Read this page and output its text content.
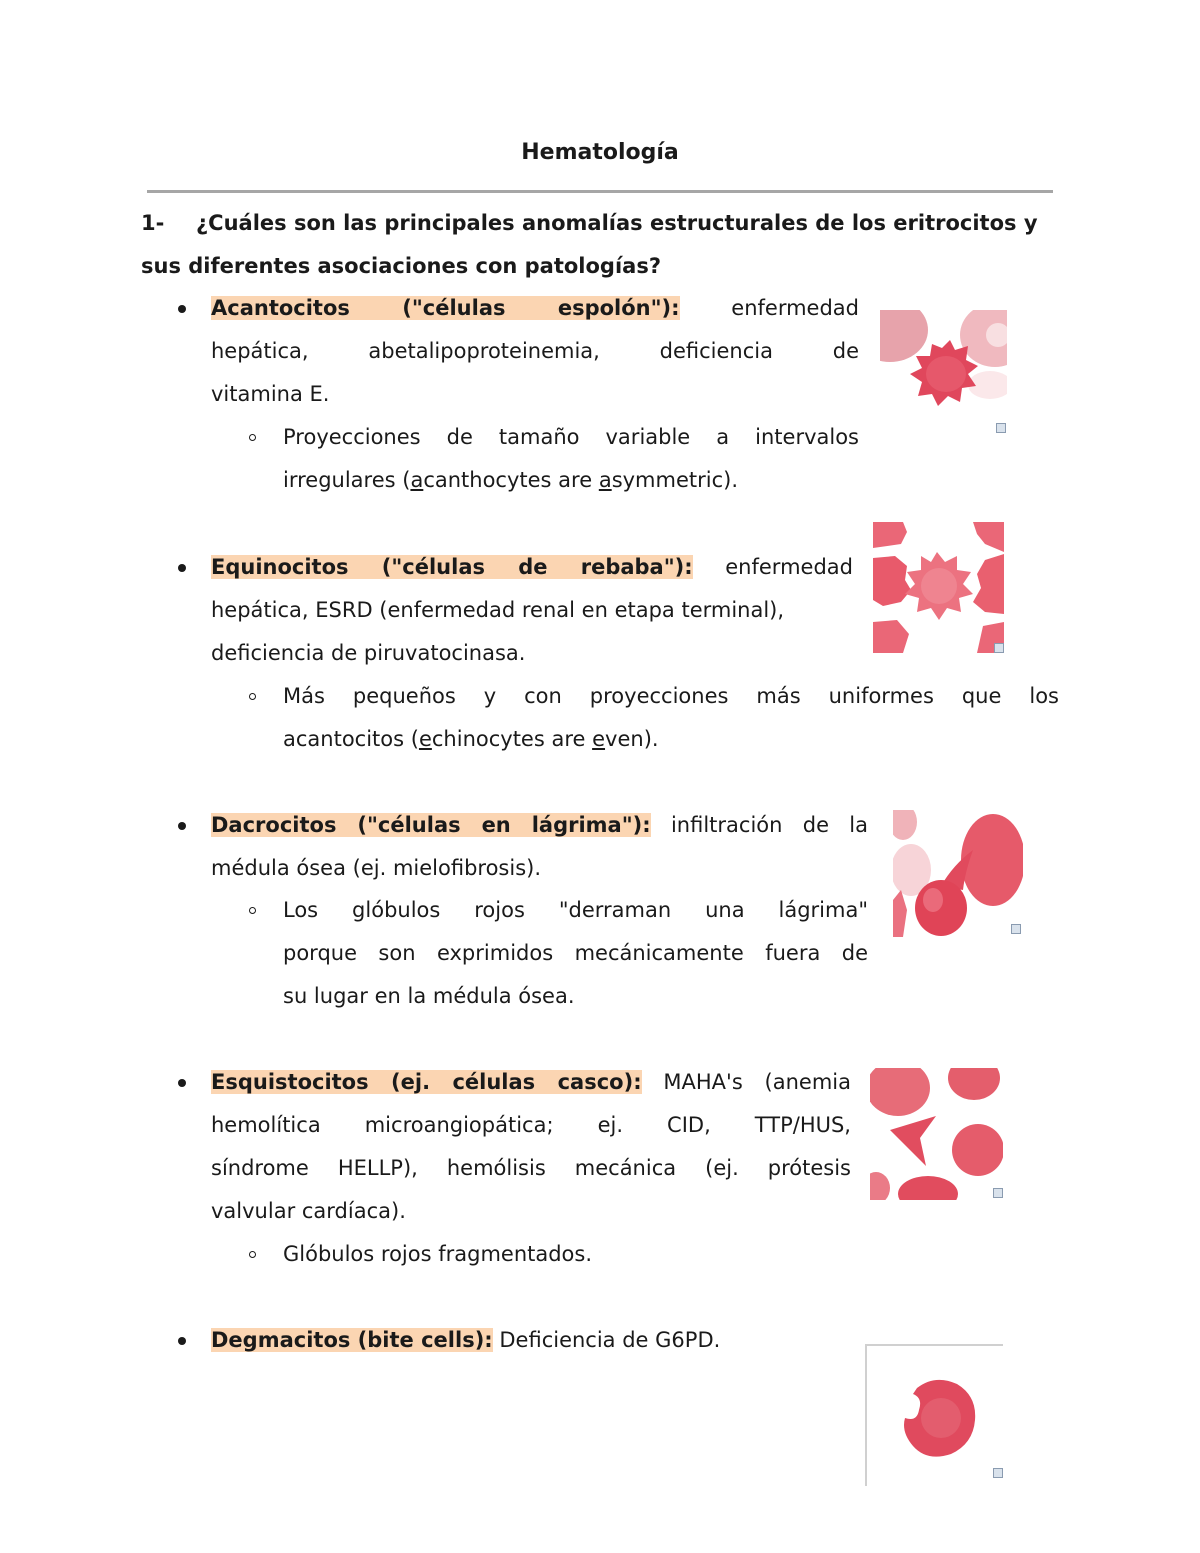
Hematología
1- ¿Cuáles son las principales anomalías estructurales de los eritrocitos y
sus diferentes asociaciones con patologías?
Acantocitos ("células espolón"): enfermedad
hepática, abetalipoproteinemia, deficiencia de
vitamina E.
Proyecciones de tamaño variable a intervalos
irregulares (acanthocytes are asymmetric).
Equinocitos ("células de rebaba"): enfermedad
hepática, ESRD (enfermedad renal en etapa terminal),
deficiencia de piruvatocinasa.
Más pequeños y con proyecciones más uniformes que los
acantocitos (echinocytes are even).
Dacrocitos ("células en lágrima"): infiltración de la
médula ósea (ej. mielofibrosis).
Los glóbulos rojos "derraman una lágrima"
porque son exprimidos mecánicamente fuera de
su lugar en la médula ósea.
Esquistocitos (ej. células casco): MAHA's (anemia
hemolítica microangiopática; ej. CID, TTP/HUS,
síndrome HELLP), hemólisis mecánica (ej. prótesis
valvular cardíaca).
Glóbulos rojos fragmentados.
Degmacitos (bite cells): Deficiencia de G6PD.
